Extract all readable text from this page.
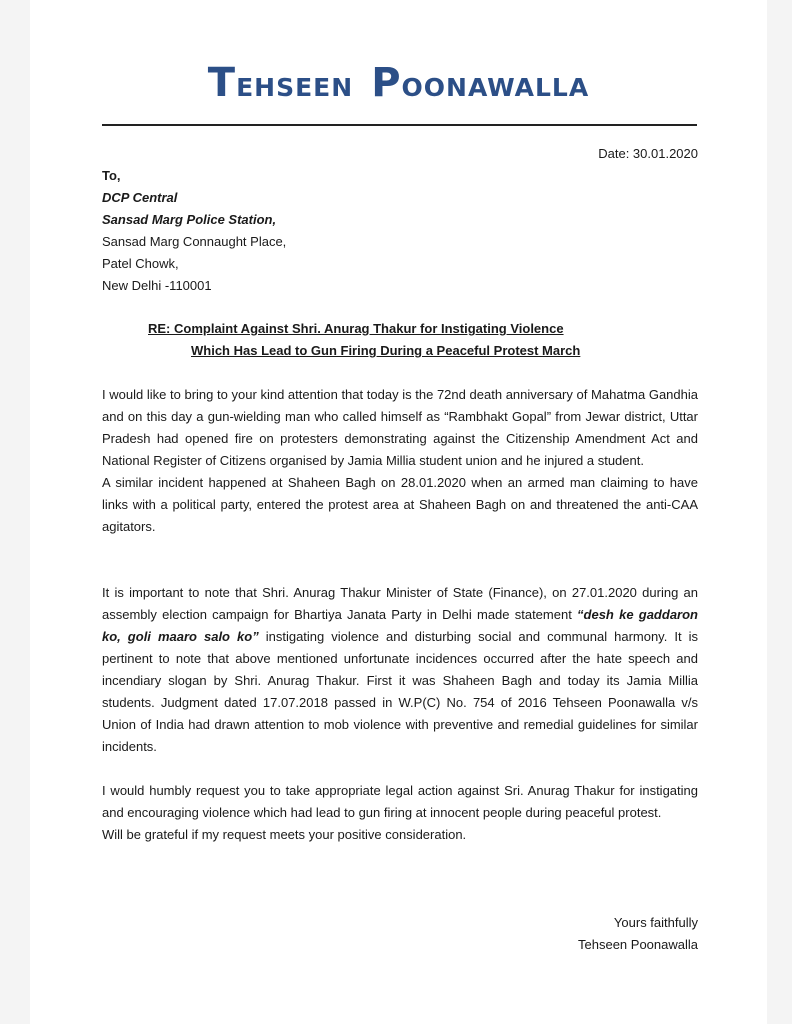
TEHSEEN POONAWALLA
Date: 30.01.2020
To,
DCP Central
Sansad Marg Police Station,
Sansad Marg Connaught Place,
Patel Chowk,
New Delhi -110001
RE: Complaint Against Shri. Anurag Thakur for Instigating Violence
Which Has Lead to Gun Firing During a Peaceful Protest March

I would like to bring to your kind attention that today is the 72nd death anniversary of Mahatma Gandhia and on this day a gun-wielding man who called himself as “Rambhakt Gopal” from Jewar district, Uttar Pradesh had opened fire on protesters demonstrating against the Citizenship Amendment Act and National Register of Citizens organised by Jamia Millia student union and he injured a student.

A similar incident happened at Shaheen Bagh on 28.01.2020 when an armed man claiming to have links with a political party, entered the protest area at Shaheen Bagh on and threatened the anti-CAA agitators.

It is important to note that Shri. Anurag Thakur Minister of State (Finance), on 27.01.2020 during an assembly election campaign for Bhartiya Janata Party in Delhi made statement “desh ke gaddaron ko, goli maaro salo ko” instigating violence and disturbing social and communal harmony. It is pertinent to note that above mentioned unfortunate incidences occurred after the hate speech and incendiary slogan by Shri. Anurag Thakur. First it was Shaheen Bagh and today its Jamia Millia students. Judgment dated 17.07.2018 passed in W.P(C) No. 754 of 2016 Tehseen Poonawalla v/s Union of India had drawn attention to mob violence with preventive and remedial guidelines for similar incidents.

I would humbly request you to take appropriate legal action against Sri. Anurag Thakur for instigating and encouraging violence which had lead to gun firing at innocent people during peaceful protest.

Will be grateful if my request meets your positive consideration.

Yours faithfully
Tehseen Poonawalla
